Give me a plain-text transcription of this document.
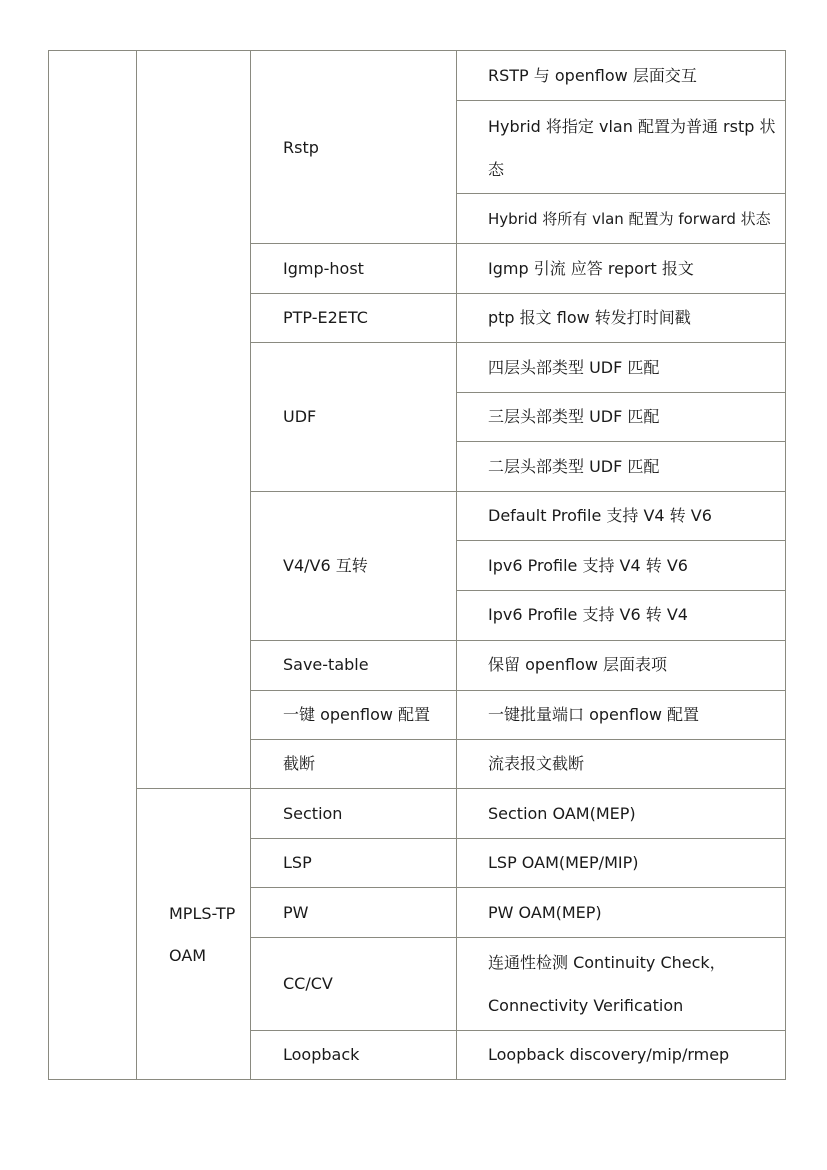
MPLS-TP
OAM
Rstp
Igmp-host
PTP-E2ETC
UDF
V4/V6 互转
Save-table
一键 openflow 配置
截断
Section
LSP
PW
CC/CV
Loopback
RSTP 与 openflow 层面交互
Hybrid 将指定 vlan 配置为普通 rstp 状
态
Hybrid 将所有 vlan 配置为 forward 状态
Igmp 引流 应答 report 报文
ptp 报文 flow 转发打时间戳
四层头部类型 UDF 匹配
三层头部类型 UDF 匹配
二层头部类型 UDF 匹配
Default Profile 支持 V4 转 V6
Ipv6 Profile 支持 V4 转 V6
Ipv6 Profile 支持 V6 转 V4
保留 openflow 层面表项
一键批量端口 openflow 配置
流表报文截断
Section OAM(MEP)
LSP OAM(MEP/MIP)
PW OAM(MEP)
连通性检测 Continuity Check，
Connectivity Verification
Loopback discovery/mip/rmep
